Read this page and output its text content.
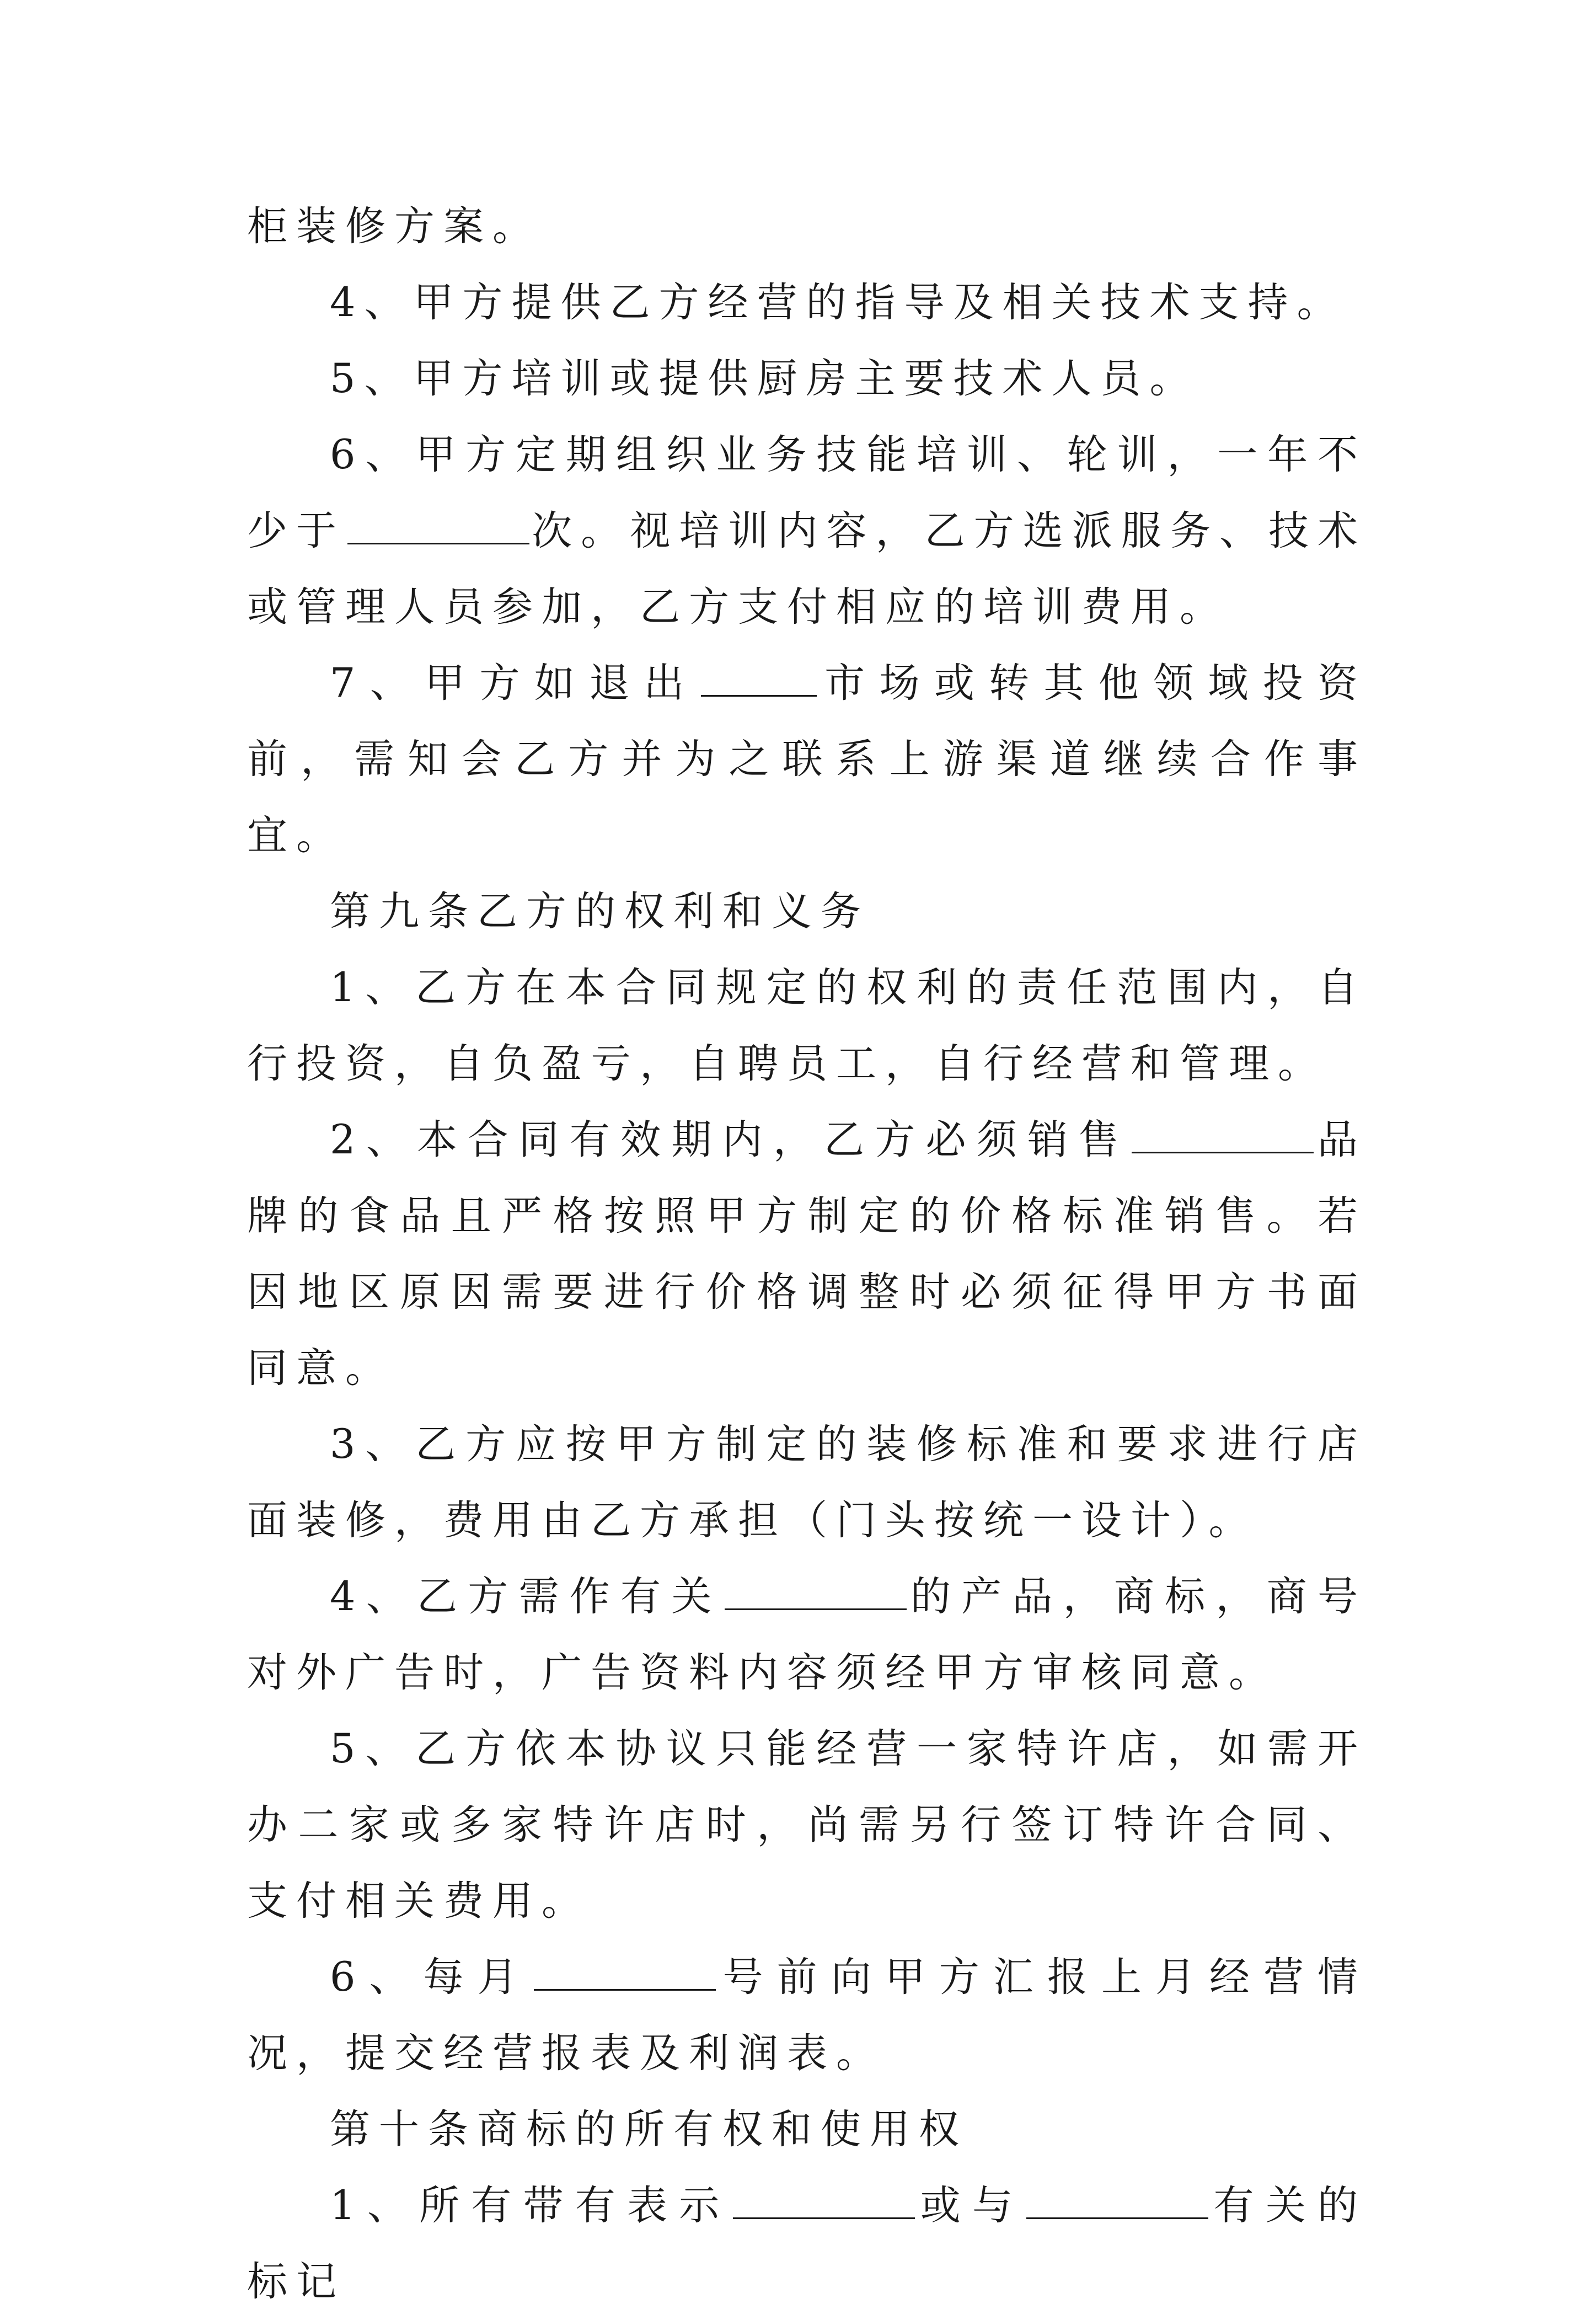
柜装修方案。

4、甲方提供乙方经营的指导及相关技术支持。

5、甲方培训或提供厨房主要技术人员。

6、甲方定期组织业务技能培训、轮训，一年不少于	次。视培训内容，乙方选派服务、技术或管理人员参加，乙方支付相应的培训费用。

7、甲方如退出	市场或转其他领域投资前，需知会乙方并为之联系上游渠道继续合作事宜。

第九条乙方的权利和义务

1、乙方在本合同规定的权利的责任范围内，自行投资，自负盈亏，自聘员工，自行经营和管理。

2、本合同有效期内，乙方必须销售	品牌的食品且严格按照甲方制定的价格标准销售。若因地区原因需要进行价格调整时必须征得甲方书面同意。

3、乙方应按甲方制定的装修标准和要求进行店面装修，费用由乙方承担（门头按统一设计）。

4、乙方需作有关	的产品，商标，商号对外广告时，广告资料内容须经甲方审核同意。

5、乙方依本协议只能经营一家特许店，如需开办二家或多家特许店时，尚需另行签订特许合同、支付相关费用。

6、每月	号前向甲方汇报上月经营情况，提交经营报表及利润表。

第十条商标的所有权和使用权

1、所有带有表示	或与	有关的标记
